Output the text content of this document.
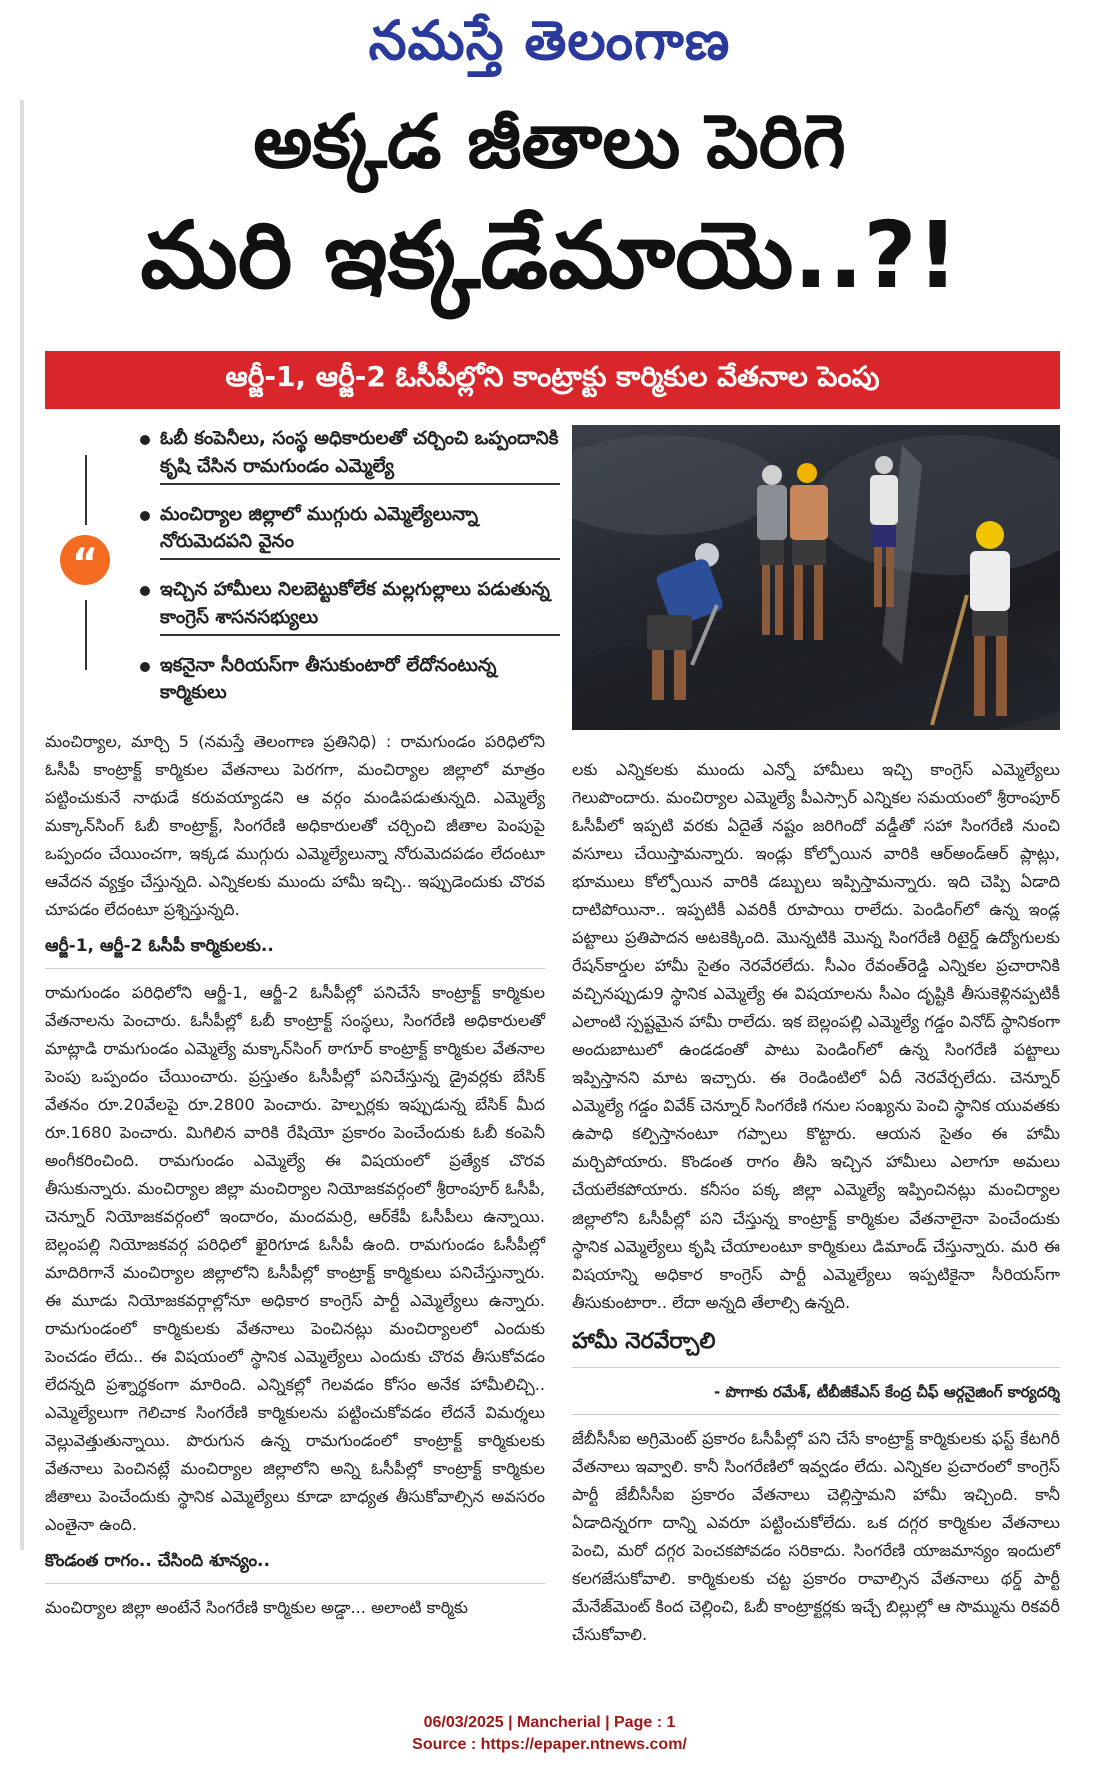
నమస్తే తెలంగాణ
అక్కడ జీతాలు పెరిగె
మరి ఇక్కడేమాయె..?!
ఆర్జీ-1, ఆర్జీ-2 ఓసీపీల్లోని కాంట్రాక్టు కార్మికుల వేతనాల పెంపు
“
ఓబీ కంపెనీలు, సంస్థ అధికారులతో చర్చించి ఒప్పందానికి కృషి చేసిన రామగుండం ఎమ్మెల్యే
మంచిర్యాల జిల్లాలో ముగ్గురు ఎమ్మెల్యేలున్నా నోరుమెదపని వైనం
ఇచ్చిన హామీలు నిలబెట్టుకోలేక మల్లగుల్లాలు పడుతున్న కాంగ్రెస్ శాసనసభ్యులు
ఇకనైనా సీరియస్‌గా తీసుకుంటారో లేదోనంటున్న కార్మికులు

మంచిర్యాల, మార్చి 5 (నమస్తే తెలంగాణ ప్రతినిధి) : రామగుండం పరిధిలోని ఓసీపీ కాంట్రాక్ట్ కార్మికుల వేతనాలు పెరగగా, మంచిర్యాల జిల్లాలో మాత్రం పట్టించుకునే నాథుడే కరువయ్యాడని ఆ వర్గం మండిపడుతున్నది. ఎమ్మెల్యే మక్కాన్‌సింగ్ ఓబీ కాంట్రాక్ట్, సింగరేణి అధికారులతో చర్చించి జీతాల పెంపుపై ఒప్పందం చేయించగా, ఇక్కడ ముగ్గురు ఎమ్మెల్యేలున్నా నోరుమెదపడం లేదంటూ ఆవేదన వ్యక్తం చేస్తున్నది. ఎన్నికలకు ముందు హామీ ఇచ్చి.. ఇప్పుడెందుకు చొరవ చూపడం లేదంటూ ప్రశ్నిస్తున్నది.

ఆర్జీ-1, ఆర్జీ-2 ఓసీపీ కార్మికులకు..

రామగుండం పరిధిలోని ఆర్జీ-1, ఆర్జీ-2 ఓసీపీల్లో పనిచేసే కాంట్రాక్ట్ కార్మికుల వేతనాలను పెంచారు. ఓసీపీల్లో ఓబీ కాంట్రాక్ట్ సంస్థలు, సింగరేణి అధికారులతో మాట్లాడి రామగుండం ఎమ్మెల్యే మక్కాన్‌సింగ్ ఠాగూర్ కాంట్రాక్ట్ కార్మికుల వేతనాల పెంపు ఒప్పందం చేయించారు. ప్రస్తుతం ఓసీపీల్లో పనిచేస్తున్న డ్రైవర్లకు బేసిక్ వేతనం రూ.20వేలపై రూ.2800 పెంచారు. హెల్పర్లకు ఇప్పుడున్న బేసిక్ మీద రూ.1680 పెంచారు. మిగిలిన వారికి రేషియో ప్రకారం పెంచేందుకు ఓబీ కంపెనీ అంగీకరించింది. రామగుండం ఎమ్మెల్యే ఈ విషయంలో ప్రత్యేక చొరవ తీసుకున్నారు. మంచిర్యాల జిల్లా మంచిర్యాల నియోజకవర్గంలో శ్రీరాంపూర్ ఓసీపీ, చెన్నూర్ నియోజకవర్గంలో ఇందారం, మందమర్రి, ఆర్‌కేపీ ఓసీపీలు ఉన్నాయి. బెల్లంపల్లి నియోజకవర్గ పరిధిలో ఖైరిగూడ ఓసీపీ ఉంది. రామగుండం ఓసీపీల్లో మాదిరిగానే మంచిర్యాల జిల్లాలోని ఓసీపీల్లో కాంట్రాక్ట్ కార్మికులు పనిచేస్తున్నారు. ఈ మూడు నియోజకవర్గాల్లోనూ అధికార కాంగ్రెస్ పార్టీ ఎమ్మెల్యేలు ఉన్నారు. రామగుండంలో కార్మికులకు వేతనాలు పెంచినట్లు మంచిర్యాలలో ఎందుకు పెంచడం లేదు.. ఈ విషయంలో స్థానిక ఎమ్మెల్యేలు ఎందుకు చొరవ తీసుకోవడం లేదన్నది ప్రశ్నార్థకంగా మారింది. ఎన్నికల్లో గెలవడం కోసం అనేక హామీలిచ్చి.. ఎమ్మెల్యేలుగా గెలిచాక సింగరేణి కార్మికులను పట్టించుకోవడం లేదనే విమర్శలు వెల్లువెత్తుతున్నాయి. పొరుగున ఉన్న రామగుండంలో కాంట్రాక్ట్ కార్మికులకు వేతనాలు పెంచినట్లే మంచిర్యాల జిల్లాలోని అన్ని ఓసీపీల్లో కాంట్రాక్ట్ కార్మికుల జీతాలు పెంచేందుకు స్థానిక ఎమ్మెల్యేలు కూడా బాధ్యత తీసుకోవాల్సిన అవసరం ఎంతైనా ఉంది.

కొండంత రాగం.. చేసింది శూన్యం..

మంచిర్యాల జిల్లా అంటేనే సింగరేణి కార్మికుల అడ్డా... అలాంటి కార్మికు

లకు ఎన్నికలకు ముందు ఎన్నో హామీలు ఇచ్చి కాంగ్రెస్ ఎమ్మెల్యేలు గెలుపొందారు. మంచిర్యాల ఎమ్మెల్యే పీఎస్సార్ ఎన్నికల సమయంలో శ్రీరాంపూర్ ఓసీపీలో ఇప్పటి వరకు ఏదైతే నష్టం జరిగిందో వడ్డీతో సహా సింగరేణి నుంచి వసూలు చేయిస్తామన్నారు. ఇండ్లు కోల్పోయిన వారికి ఆర్‌అండ్‌ఆర్ ప్లాట్లు, భూములు కోల్పోయిన వారికి డబ్బులు ఇప్పిస్తామన్నారు. ఇది చెప్పి ఏడాది దాటిపోయినా.. ఇప్పటికీ ఎవరికీ రూపాయి రాలేదు. పెండింగ్‌లో ఉన్న ఇండ్ల పట్టాలు ప్రతిపాదన అటకెక్కింది. మొన్నటికి మొన్న సింగరేణి రిటైర్డ్ ఉద్యోగులకు రేషన్‌కార్డుల హామీ సైతం నెరవేరలేదు. సీఎం రేవంత్‌రెడ్డి ఎన్నికల ప్రచారానికి వచ్చినప్పుడు9 స్థానిక ఎమ్మెల్యే ఈ విషయాలను సీఎం దృష్టికి తీసుకెళ్లినప్పటికీ ఎలాంటి స్పష్టమైన హామీ రాలేదు. ఇక బెల్లంపల్లి ఎమ్మెల్యే గడ్డం వినోద్ స్థానికంగా అందుబాటులో ఉండడంతో పాటు పెండింగ్‌లో ఉన్న సింగరేణి పట్టాలు ఇప్పిస్తానని మాట ఇచ్చారు. ఈ రెండింటిలో ఏదీ నెరవేర్చలేదు. చెన్నూర్ ఎమ్మెల్యే గడ్డం వివేక్ చెన్నూర్ సింగరేణి గనుల సంఖ్యను పెంచి స్థానిక యువతకు ఉపాధి కల్పిస్తానంటూ గప్పాలు కొట్టారు. ఆయన సైతం ఈ హామీ మర్చిపోయారు. కొండంత రాగం తీసి ఇచ్చిన హామీలు ఎలాగూ అమలు చేయలేకపోయారు. కనీసం పక్క జిల్లా ఎమ్మెల్యే ఇప్పించినట్లు మంచిర్యాల జిల్లాలోని ఓసీపీల్లో పని చేస్తున్న కాంట్రాక్ట్ కార్మికుల వేతనాలైనా పెంచేందుకు స్థానిక ఎమ్మెల్యేలు కృషి చేయాలంటూ కార్మికులు డిమాండ్ చేస్తున్నారు. మరి ఈ విషయాన్ని అధికార కాంగ్రెస్ పార్టీ ఎమ్మెల్యేలు ఇప్పటికైనా సీరియస్‌గా తీసుకుంటారా.. లేదా అన్నది తేలాల్సి ఉన్నది.

హామీ నెరవేర్చాలి
- పొగాకు రమేశ్, టీబీజీకేఎస్ కేంద్ర చీఫ్ ఆర్గనైజింగ్ కార్యదర్శి

జేబీసీసీఐ అగ్రిమెంట్ ప్రకారం ఓసీపీల్లో పని చేసే కాంట్రాక్ట్ కార్మికులకు ఫస్ట్ కేటగిరీ వేతనాలు ఇవ్వాలి. కానీ సింగరేణిలో ఇవ్వడం లేదు. ఎన్నికల ప్రచారంలో కాంగ్రెస్ పార్టీ జేబీసీసీఐ ప్రకారం వేతనాలు చెల్లిస్తామని హామీ ఇచ్చింది. కానీ ఏడాదిన్నరగా దాన్ని ఎవరూ పట్టించుకోలేదు. ఒక దగ్గర కార్మికుల వేతనాలు పెంచి, మరో దగ్గర పెంచకపోవడం సరికాదు. సింగరేణి యాజమాన్యం ఇందులో కలగజేసుకోవాలి. కార్మికులకు చట్ట ప్రకారం రావాల్సిన వేతనాలు థర్డ్ పార్టీ మేనేజ్‌మెంట్ కింద చెల్లించి, ఓబీ కాంట్రాక్టర్లకు ఇచ్చే బిల్లుల్లో ఆ సొమ్మును రికవరీ చేసుకోవాలి.

06/03/2025 | Mancherial | Page : 1
Source : https://epaper.ntnews.com/
